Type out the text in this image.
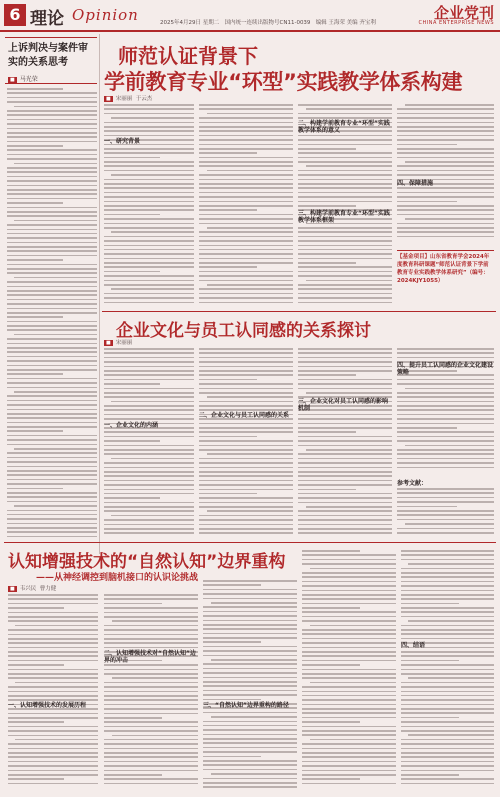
6 理论 Opinion	2025年4月29日 星期二 国内统一连续出版物号CN11-0039 编辑 王海荣 美编 齐宝利
企业党刊
CHINA ENTERPRISE NEWS
上诉判决与案件审实的关系思考
■ 马光荣
师范认证背景下
学前教育专业“环型”实践教学体系构建
■ 宋丽丽 于云杰
一、研究背景
二、构建学前教育专业“环型”实践教学体系的意义
三、构建学前教育专业“环型”实践教学体系框架
四、保障措施
【基金项目】山东省教育学会2024年度教育科研课题“师范认证背景下学前教育专业实践教学体系研究”（编号：2024KJY1055）
企业文化与员工认同感的关系探讨
■ 宋丽丽
一、企业文化的内涵
二、企业文化与员工认同感的关系
三、企业文化对员工认同感的影响机制
四、提升员工认同感的企业文化建设策略
参考文献：
认知增强技术的“自然认知”边界重构
——从神经调控到脑机接口的认识论挑战
■ 韦兴民 曹力健
一、认知增强技术的发展历程
二、认知增强技术对“自然认知”边界的冲击
三、“自然认知”边界重构的路径
四、结语
